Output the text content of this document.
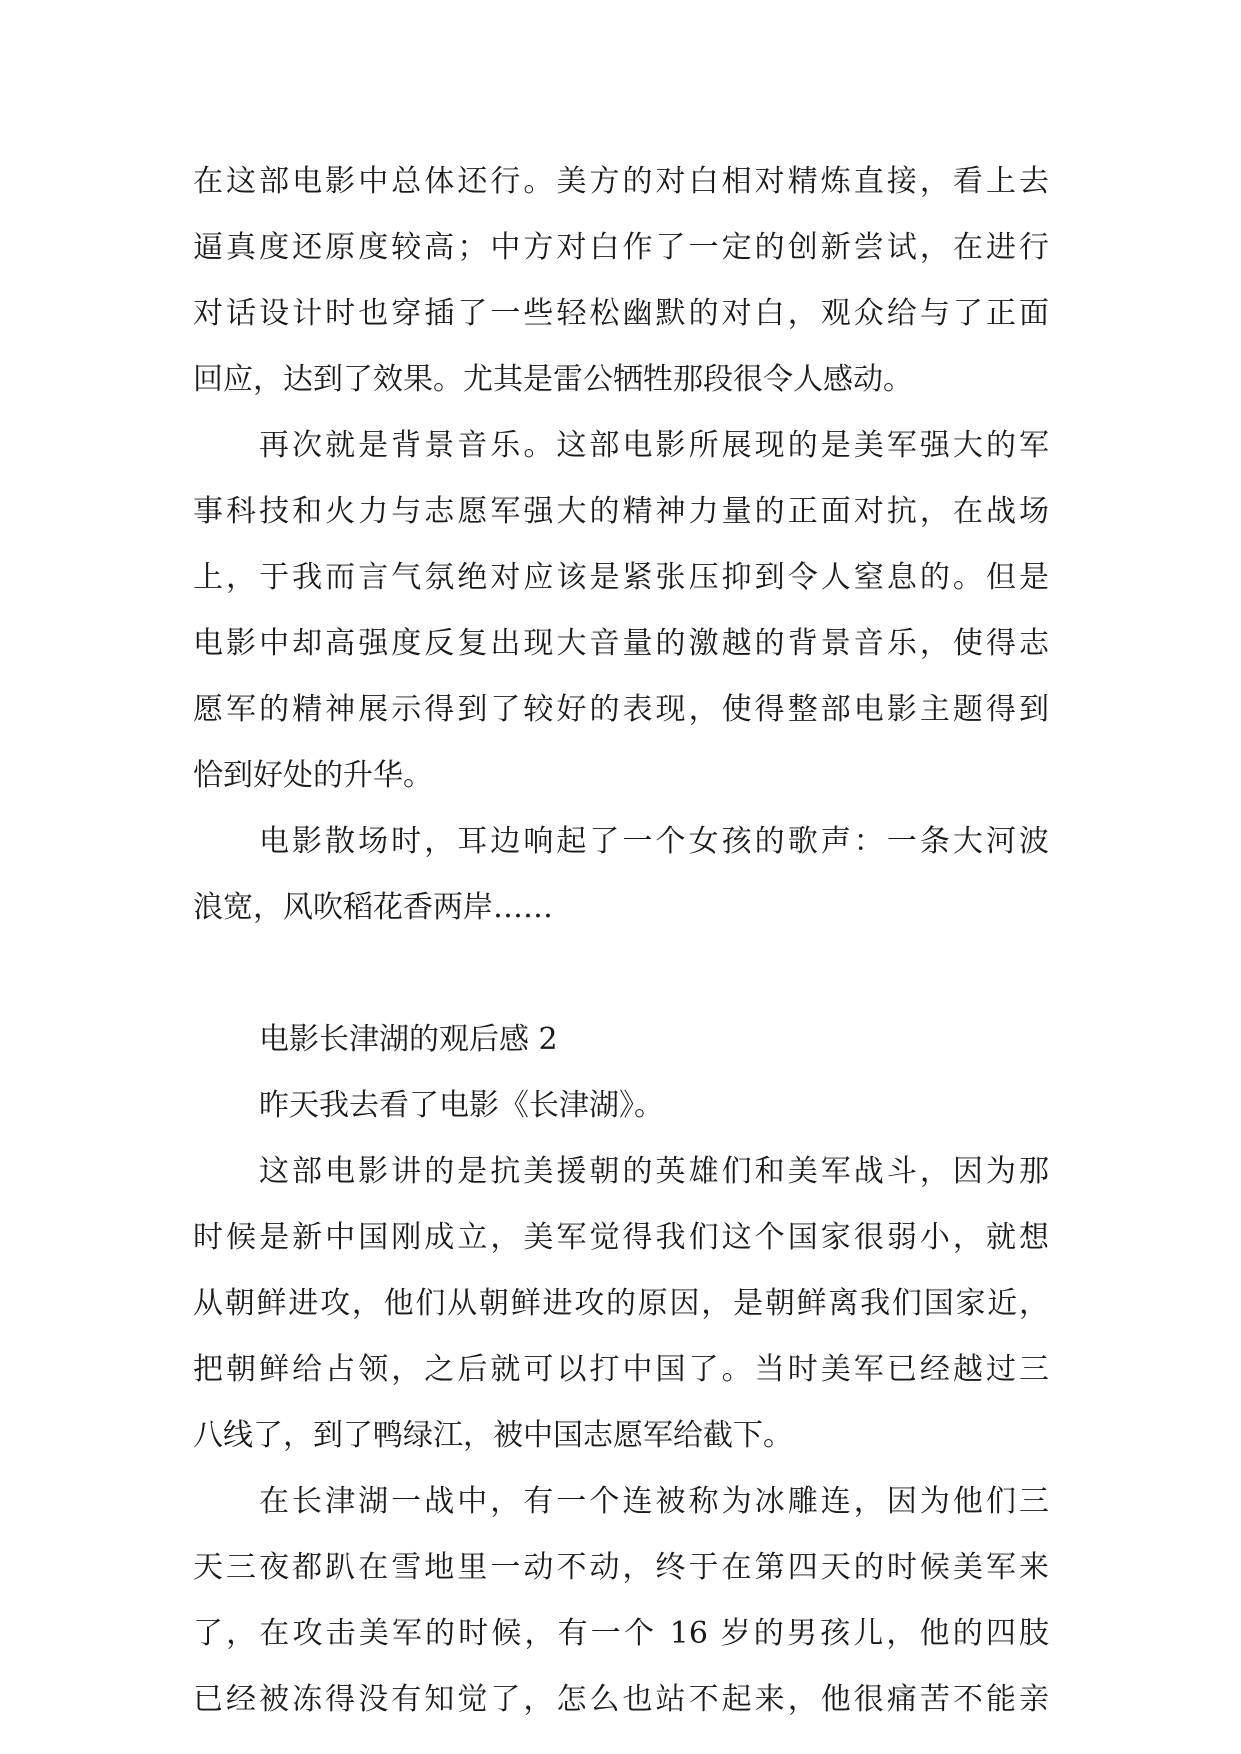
在这部电影中总体还行。美方的对白相对精炼直接，看上去
逼真度还原度较高；中方对白作了一定的创新尝试，在进行
对话设计时也穿插了一些轻松幽默的对白，观众给与了正面
回应，达到了效果。尤其是雷公牺牲那段很令人感动。
再次就是背景音乐。这部电影所展现的是美军强大的军
事科技和火力与志愿军强大的精神力量的正面对抗，在战场
上，于我而言气氛绝对应该是紧张压抑到令人窒息的。但是
电影中却高强度反复出现大音量的激越的背景音乐，使得志
愿军的精神展示得到了较好的表现，使得整部电影主题得到
恰到好处的升华。
电影散场时，耳边响起了一个女孩的歌声：一条大河波
浪宽，风吹稻花香两岸……
电影长津湖的观后感 2
昨天我去看了电影《长津湖》。
这部电影讲的是抗美援朝的英雄们和美军战斗，因为那
时候是新中国刚成立，美军觉得我们这个国家很弱小，就想
从朝鲜进攻，他们从朝鲜进攻的原因，是朝鲜离我们国家近，
把朝鲜给占领，之后就可以打中国了。当时美军已经越过三
八线了，到了鸭绿江，被中国志愿军给截下。
在长津湖一战中，有一个连被称为冰雕连，因为他们三
天三夜都趴在雪地里一动不动，终于在第四天的时候美军来
了，在攻击美军的时候，有一个 16 岁的男孩儿，他的四肢
已经被冻得没有知觉了，怎么也站不起来，他很痛苦不能亲
